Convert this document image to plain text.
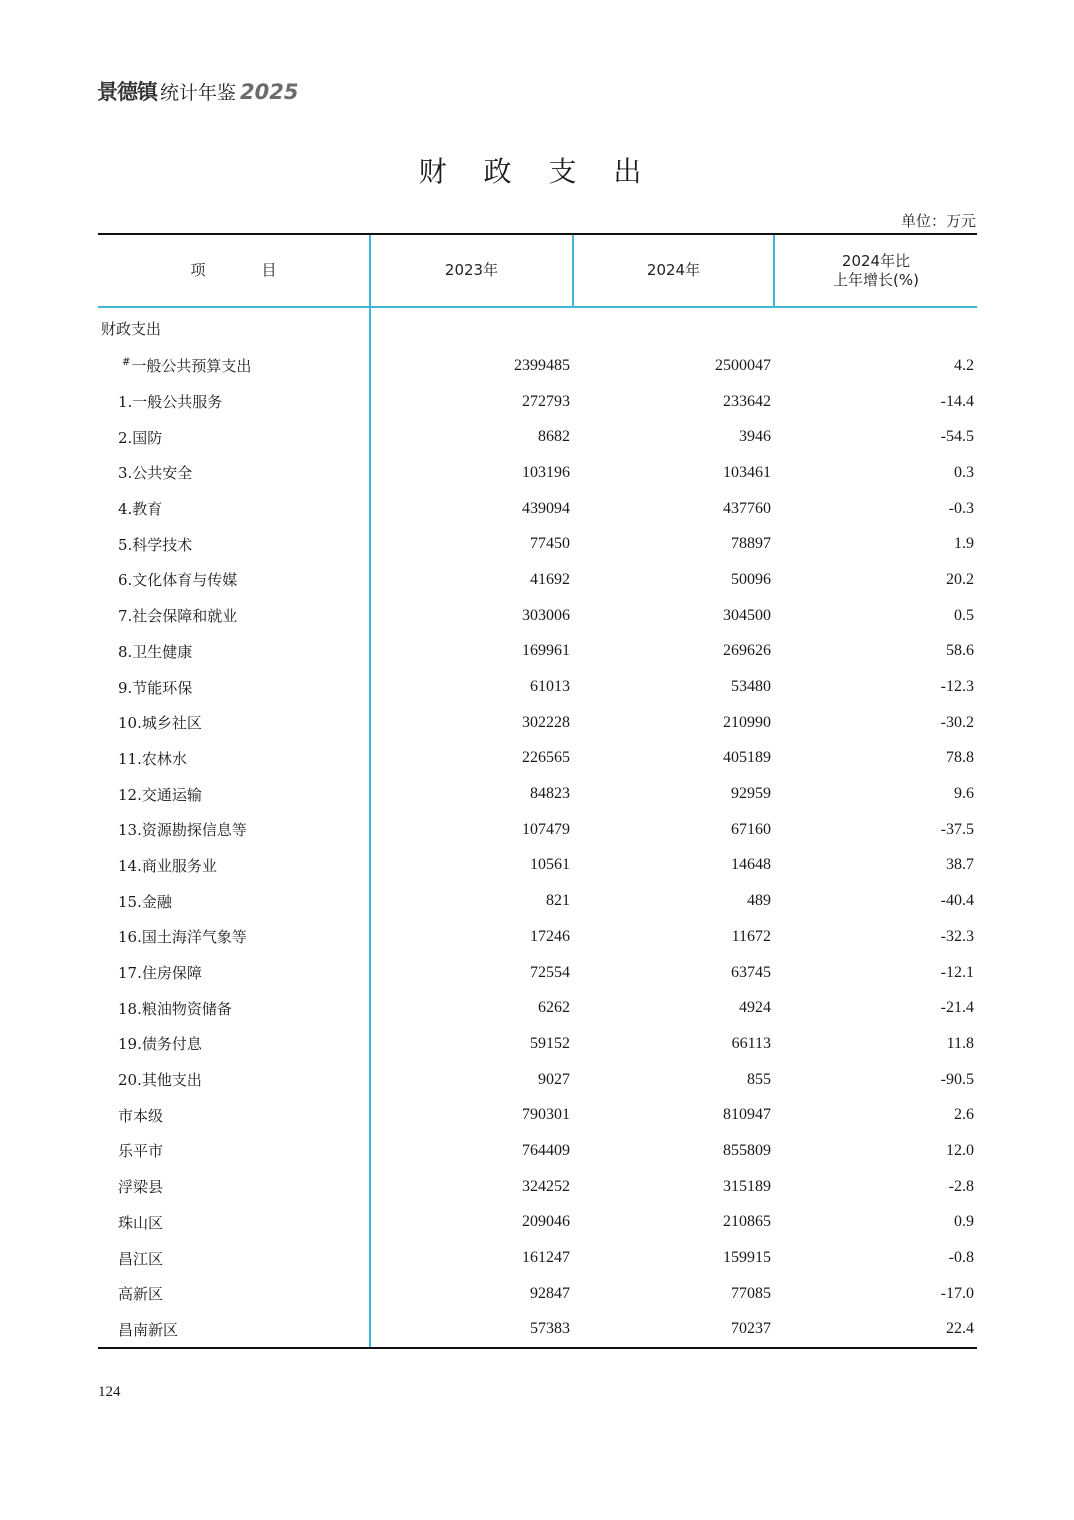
景德镇 统计年鉴 2025
财 政 支 出
单位：万元
项 目	2023年	2024年	2024年比
上年增长(%)

财政支出			
#一般公共预算支出	2399485	2500047	4.2
1.一般公共服务	272793	233642	-14.4
2.国防	8682	3946	-54.5
3.公共安全	103196	103461	0.3
4.教育	439094	437760	-0.3
5.科学技术	77450	78897	1.9
6.文化体育与传媒	41692	50096	20.2
7.社会保障和就业	303006	304500	0.5
8.卫生健康	169961	269626	58.6
9.节能环保	61013	53480	-12.3
10.城乡社区	302228	210990	-30.2
11.农林水	226565	405189	78.8
12.交通运输	84823	92959	9.6
13.资源勘探信息等	107479	67160	-37.5
14.商业服务业	10561	14648	38.7
15.金融	821	489	-40.4
16.国土海洋气象等	17246	11672	-32.3
17.住房保障	72554	63745	-12.1
18.粮油物资储备	6262	4924	-21.4
19.债务付息	59152	66113	11.8
20.其他支出	9027	855	-90.5
市本级	790301	810947	2.6
乐平市	764409	855809	12.0
浮梁县	324252	315189	-2.8
珠山区	209046	210865	0.9
昌江区	161247	159915	-0.8
高新区	92847	77085	-17.0
昌南新区	57383	70237	22.4
124
